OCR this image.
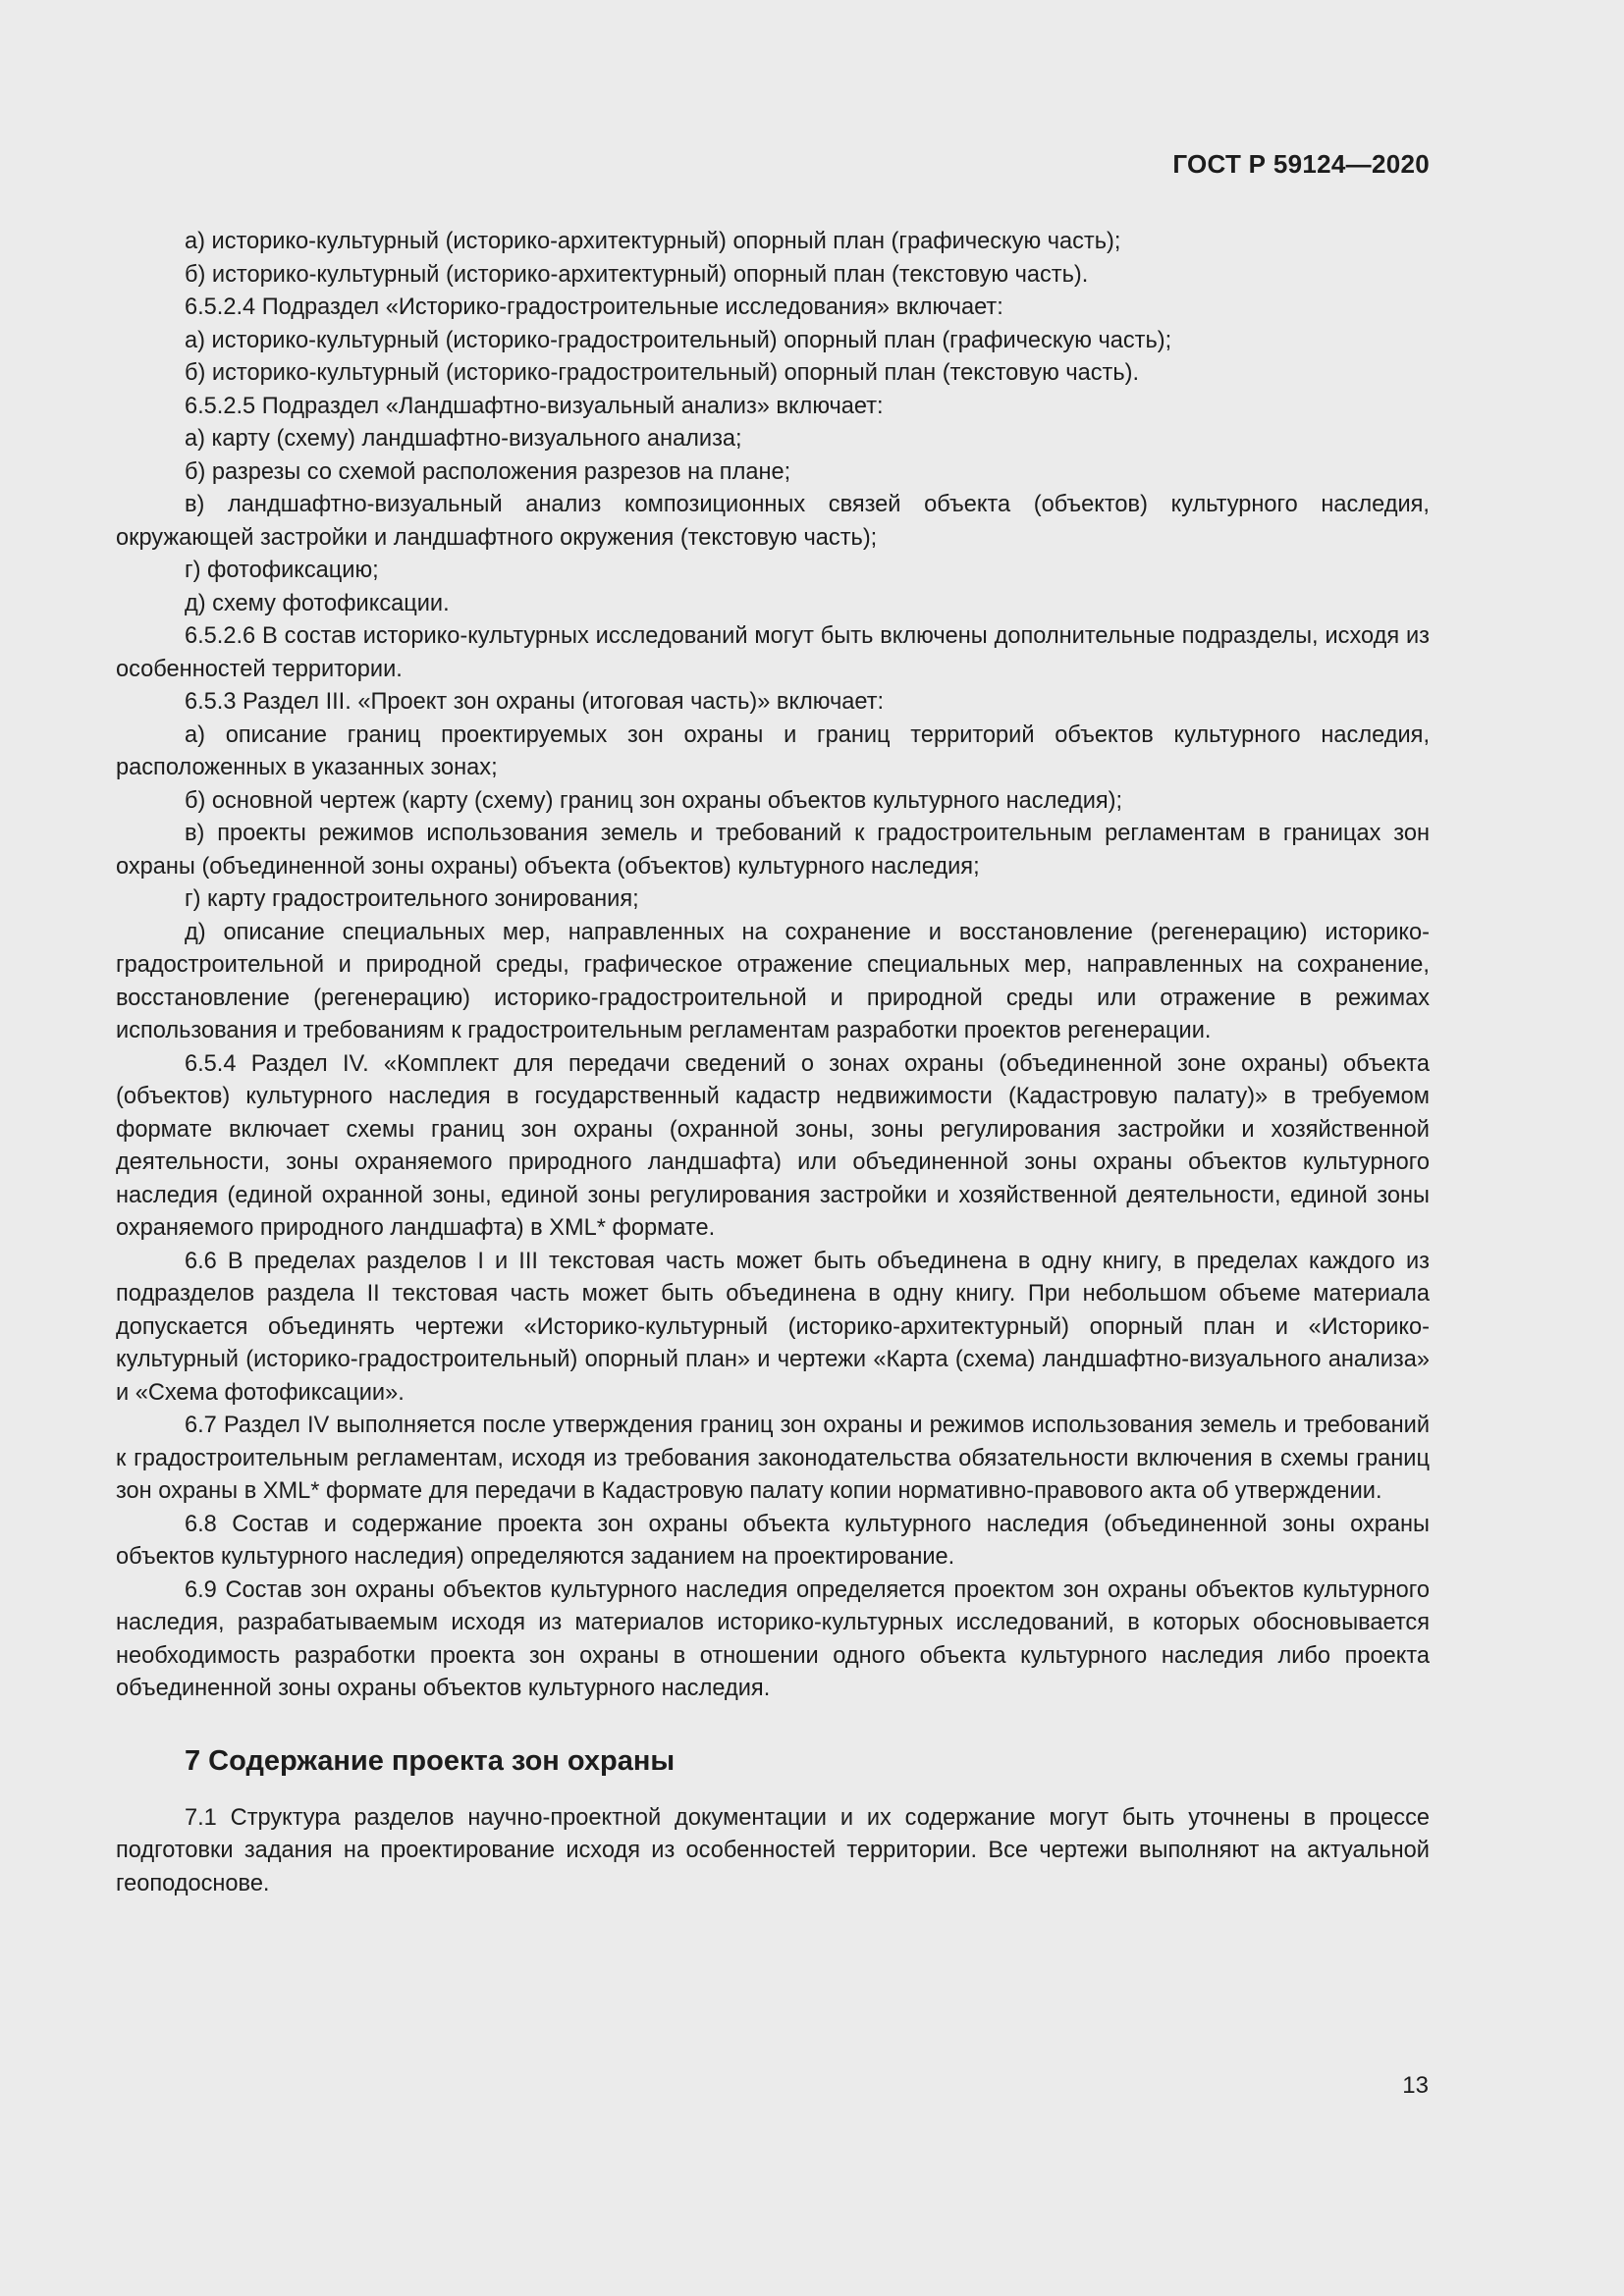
ГОСТ Р 59124—2020

а) историко-культурный (историко-архитектурный) опорный план (графическую часть);

б) историко-культурный (историко-архитектурный) опорный план (текстовую часть).

6.5.2.4 Подраздел «Историко-градостроительные исследования» включает:

а) историко-культурный (историко-градостроительный) опорный план (графическую часть);

б) историко-культурный (историко-градостроительный) опорный план (текстовую часть).

6.5.2.5 Подраздел «Ландшафтно-визуальный анализ» включает:

а) карту (схему) ландшафтно-визуального анализа;

б) разрезы со схемой расположения разрезов на плане;

в) ландшафтно-визуальный анализ композиционных связей объекта (объектов) культурного наследия, окружающей застройки и ландшафтного окружения (текстовую часть);

г) фотофиксацию;

д) схему фотофиксации.

6.5.2.6 В состав историко-культурных исследований могут быть включены дополнительные подразделы, исходя из особенностей территории.

6.5.3 Раздел III. «Проект зон охраны (итоговая часть)» включает:

а) описание границ проектируемых зон охраны и границ территорий объектов культурного наследия, расположенных в указанных зонах;

б) основной чертеж (карту (схему) границ зон охраны объектов культурного наследия);

в) проекты режимов использования земель и требований к градостроительным регламентам в границах зон охраны (объединенной зоны охраны) объекта (объектов) культурного наследия;

г) карту градостроительного зонирования;

д) описание специальных мер, направленных на сохранение и восстановление (регенерацию) историко-градостроительной и природной среды, графическое отражение специальных мер, направленных на сохранение, восстановление (регенерацию) историко-градостроительной и природной среды или отражение в режимах использования и требованиям к градостроительным регламентам разработки проектов регенерации.

6.5.4 Раздел IV. «Комплект для передачи сведений о зонах охраны (объединенной зоне охраны) объекта (объектов) культурного наследия в государственный кадастр недвижимости (Кадастровую палату)» в требуемом формате включает схемы границ зон охраны (охранной зоны, зоны регулирования застройки и хозяйственной деятельности, зоны охраняемого природного ландшафта) или объединенной зоны охраны объектов культурного наследия (единой охранной зоны, единой зоны регулирования застройки и хозяйственной деятельности, единой зоны охраняемого природного ландшафта) в XML* формате.

6.6 В пределах разделов I и III текстовая часть может быть объединена в одну книгу, в пределах каждого из подразделов раздела II текстовая часть может быть объединена в одну книгу. При небольшом объеме материала допускается объединять чертежи «Историко-культурный (историко-архитектурный) опорный план и «Историко-культурный (историко-градостроительный) опорный план» и чертежи «Карта (схема) ландшафтно-визуального анализа» и «Схема фотофиксации».

6.7 Раздел IV выполняется после утверждения границ зон охраны и режимов использования земель и требований к градостроительным регламентам, исходя из требования законодательства обязательности включения в схемы границ зон охраны в XML* формате для передачи в Кадастровую палату копии нормативно-правового акта об утверждении.

6.8 Состав и содержание проекта зон охраны объекта культурного наследия (объединенной зоны охраны объектов культурного наследия) определяются заданием на проектирование.

6.9 Состав зон охраны объектов культурного наследия определяется проектом зон охраны объектов культурного наследия, разрабатываемым исходя из материалов историко-культурных исследований, в которых обосновывается необходимость разработки проекта зон охраны в отношении одного объекта культурного наследия либо проекта объединенной зоны охраны объектов культурного наследия.

7 Содержание проекта зон охраны

7.1 Структура разделов научно-проектной документации и их содержание могут быть уточнены в процессе подготовки задания на проектирование исходя из особенностей территории. Все чертежи выполняют на актуальной геоподоснове.

13
